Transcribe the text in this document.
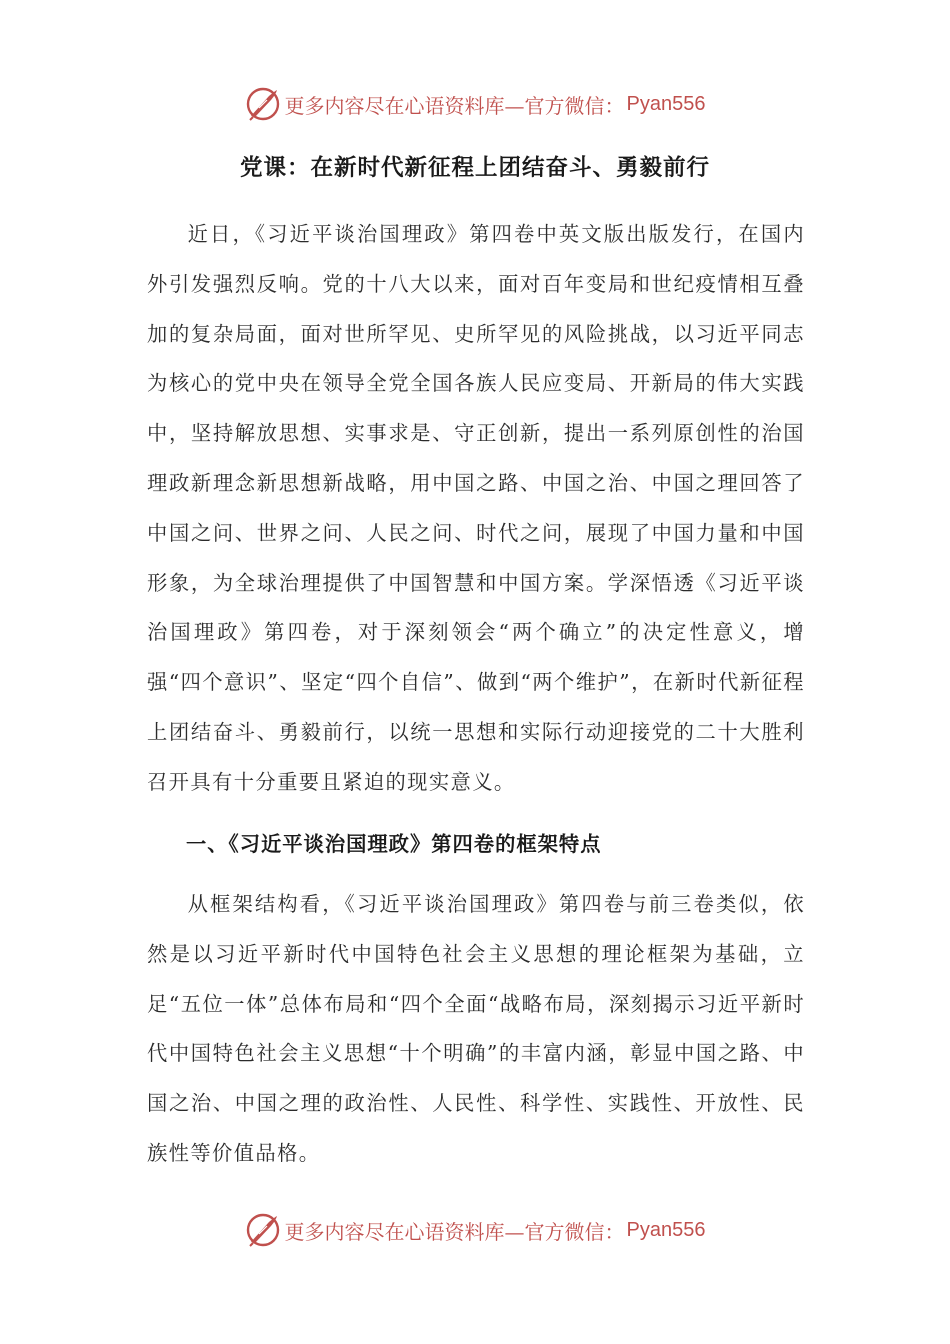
更多内容尽在心语资料库—官方微信： Pyan556
党课：在新时代新征程上团结奋斗、勇毅前行

近日，《习近平谈治国理政》第四卷中英文版出版发行，在国内外引发强烈反响。党的十八大以来，面对百年变局和世纪疫情相互叠加的复杂局面，面对世所罕见、史所罕见的风险挑战，以习近平同志为核心的党中央在领导全党全国各族人民应变局、开新局的伟大实践中，坚持解放思想、实事求是、守正创新，提出一系列原创性的治国理政新理念新思想新战略，用中国之路、中国之治、中国之理回答了中国之问、世界之问、人民之问、时代之问，展现了中国力量和中国形象，为全球治理提供了中国智慧和中国方案。学深悟透《习近平谈治国理政》第四卷，对于深刻领会“两个确立”的决定性意义，增强“四个意识”、坚定“四个自信”、做到“两个维护”，在新时代新征程上团结奋斗、勇毅前行，以统一思想和实际行动迎接党的二十大胜利召开具有十分重要且紧迫的现实意义。

一、《习近平谈治国理政》第四卷的框架特点

从框架结构看，《习近平谈治国理政》第四卷与前三卷类似，依然是以习近平新时代中国特色社会主义思想的理论框架为基础，立足“五位一体”总体布局和“四个全面“战略布局，深刻揭示习近平新时代中国特色社会主义思想“十个明确”的丰富内涵，彰显中国之路、中国之治、中国之理的政治性、人民性、科学性、实践性、开放性、民族性等价值品格。

更多内容尽在心语资料库—官方微信： Pyan556
